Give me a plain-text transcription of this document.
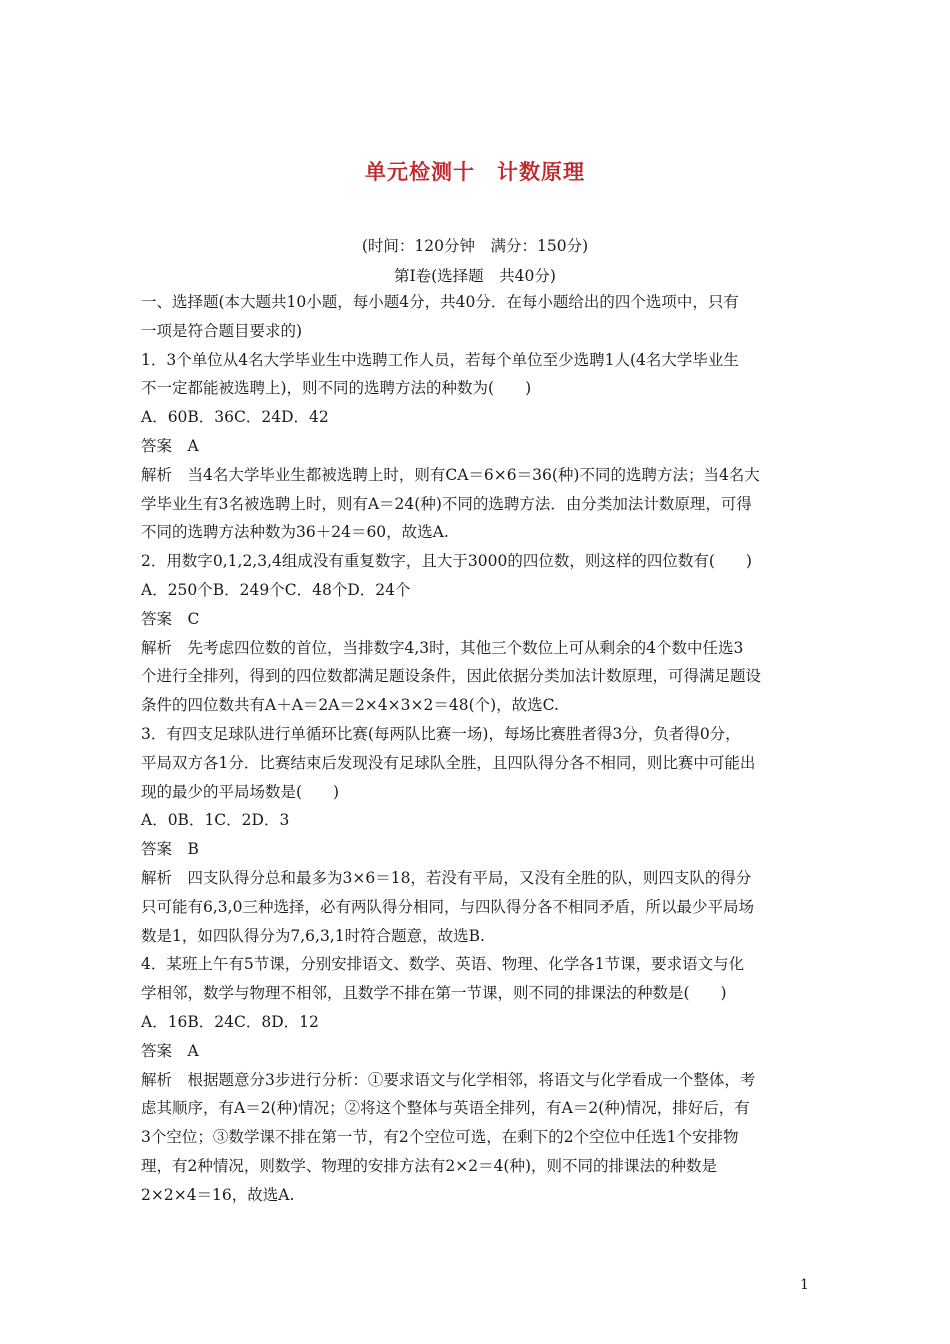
单元检测十　计数原理
(时间：120分钟　满分：150分)
第Ⅰ卷(选择题　共40分)
一、选择题(本大题共10小题，每小题4分，共40分．在每小题给出的四个选项中，只有
一项是符合题目要求的)
1．3个单位从4名大学毕业生中选聘工作人员，若每个单位至少选聘1人(4名大学毕业生
不一定都能被选聘上)，则不同的选聘方法的种数为(　　)
A．60B．36C．24D．42
答案　A
解析　当4名大学毕业生都被选聘上时，则有CA＝6×6＝36(种)不同的选聘方法；当4名大
学毕业生有3名被选聘上时，则有A＝24(种)不同的选聘方法．由分类加法计数原理，可得
不同的选聘方法种数为36＋24＝60，故选A.
2．用数字0,1,2,3,4组成没有重复数字，且大于3000的四位数，则这样的四位数有(　　)
A．250个B．249个C．48个D．24个
答案　C
解析　先考虑四位数的首位，当排数字4,3时，其他三个数位上可从剩余的4个数中任选3
个进行全排列，得到的四位数都满足题设条件，因此依据分类加法计数原理，可得满足题设
条件的四位数共有A＋A＝2A＝2×4×3×2＝48(个)，故选C.
3．有四支足球队进行单循环比赛(每两队比赛一场)，每场比赛胜者得3分，负者得0分，
平局双方各1分．比赛结束后发现没有足球队全胜，且四队得分各不相同，则比赛中可能出
现的最少的平局场数是(　　)
A．0B．1C．2D．3
答案　B
解析　四支队得分总和最多为3×6＝18，若没有平局，又没有全胜的队，则四支队的得分
只可能有6,3,0三种选择，必有两队得分相同，与四队得分各不相同矛盾，所以最少平局场
数是1，如四队得分为7,6,3,1时符合题意，故选B.
4．某班上午有5节课，分别安排语文、数学、英语、物理、化学各1节课，要求语文与化
学相邻，数学与物理不相邻，且数学不排在第一节课，则不同的排课法的种数是(　　)
A．16B．24C．8D．12
答案　A
解析　根据题意分3步进行分析：①要求语文与化学相邻，将语文与化学看成一个整体，考
虑其顺序，有A＝2(种)情况；②将这个整体与英语全排列，有A＝2(种)情况，排好后，有
3个空位；③数学课不排在第一节，有2个空位可选，在剩下的2个空位中任选1个安排物
理，有2种情况，则数学、物理的安排方法有2×2＝4(种)，则不同的排课法的种数是
2×2×4＝16，故选A.
1
